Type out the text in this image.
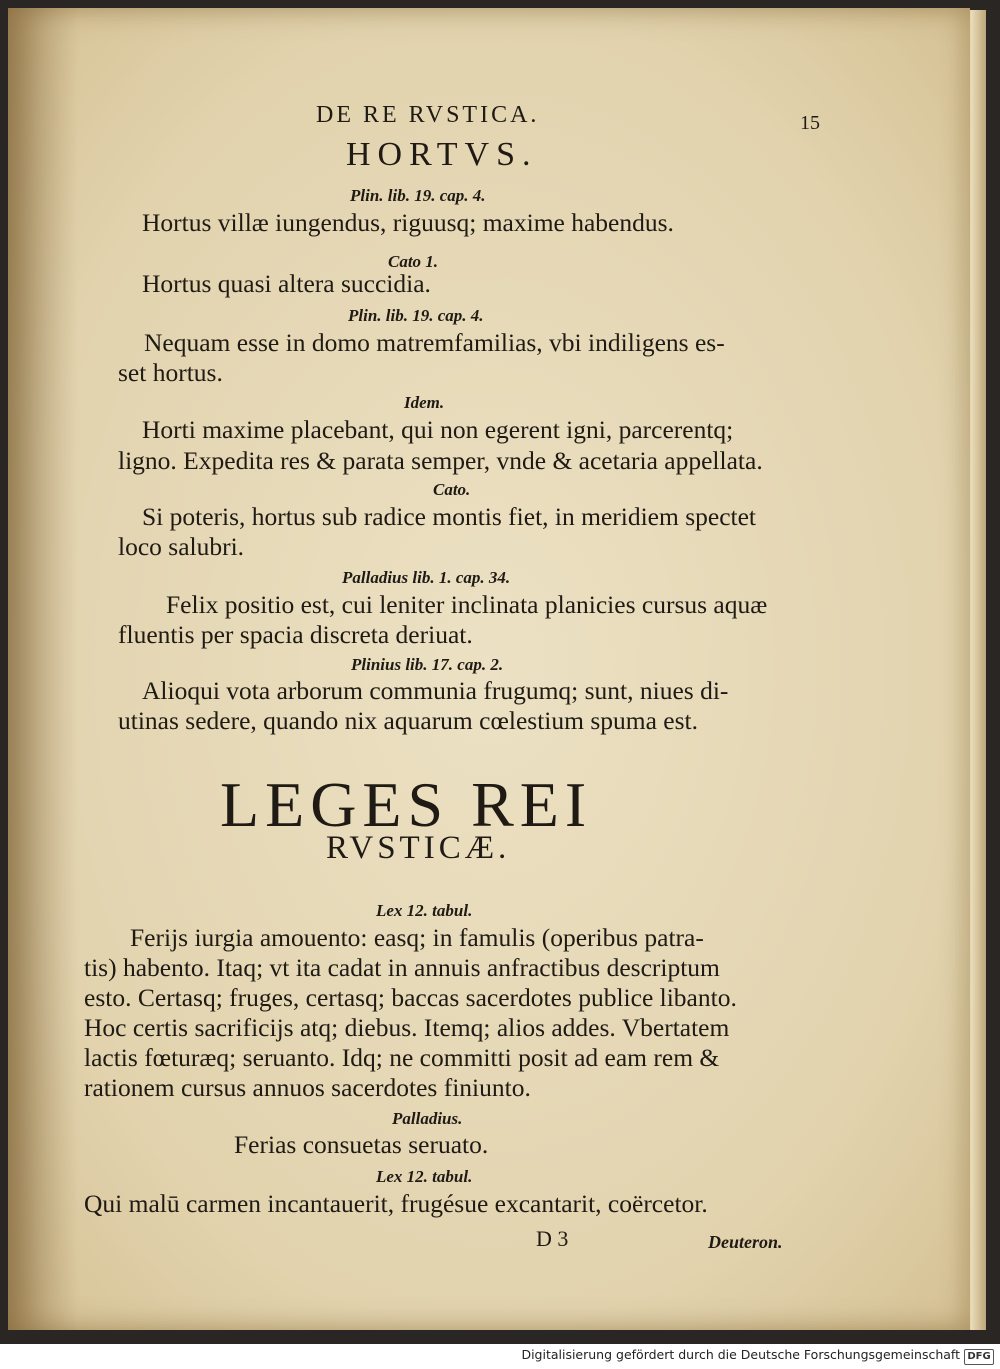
DE RE RVSTICA.	15
HORTVS.
Plin. lib. 19. cap. 4.
Hortus villæ iungendus, riguusq; maxime habendus.
Cato 1.
Hortus quasi altera succidia.
Plin. lib. 19. cap. 4.
Nequam esse in domo matremfamilias, vbi indiligens es-
set hortus.
Idem.
Horti maxime placebant, qui non egerent igni, parcerentq;
ligno. Expedita res & parata semper, vnde & acetaria appellata.
Cato.
Si poteris, hortus sub radice montis fiet, in meridiem spectet
loco salubri.
Palladius lib. 1. cap. 34.
Felix positio est, cui leniter inclinata planicies cursus aquæ
fluentis per spacia discreta deriuat.
Plinius lib. 17. cap. 2.
Alioqui vota arborum communia frugumq; sunt, niues di-
utinas sedere, quando nix aquarum cœlestium spuma est.
LEGES REI
RVSTICÆ.
Lex 12. tabul.
Ferijs iurgia amouento: easq; in famulis (operibus patra-
tis) habento. Itaq; vt ita cadat in annuis anfractibus descriptum
esto. Certasq; fruges, certasq; baccas sacerdotes publice libanto.
Hoc certis sacrificijs atq; diebus. Itemq; alios addes. Vbertatem
lactis fœturæq; seruanto. Idq; ne committi posit ad eam rem &
rationem cursus annuos sacerdotes finiunto.
Palladius.
Ferias consuetas seruato.
Lex 12. tabul.
Qui malū carmen incantauerit, frugésue excantarit, coërcetor.
D 3	Deuteron.
Digitalisierung gefördert durch die Deutsche Forschungsgemeinschaft DFG
